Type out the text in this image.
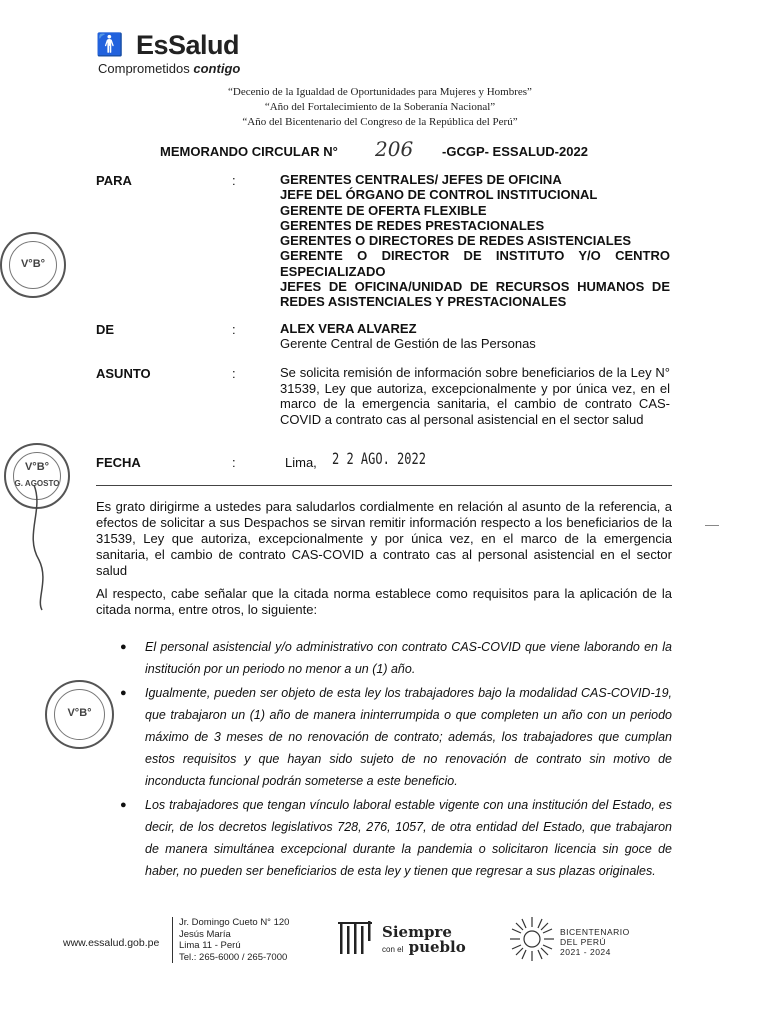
🚹 EsSalud
Comprometidos contigo
“Decenio de la Igualdad de Oportunidades para Mujeres y Hombres”
“Año del Fortalecimiento de la Soberanía Nacional”
“Año del Bicentenario del Congreso de la República del Perú”
MEMORANDO CIRCULAR N° 206 -GCGP- ESSALUD-2022
PARA	:	GERENTES CENTRALES/ JEFES DE OFICINA
JEFE DEL ÓRGANO DE CONTROL INSTITUCIONAL
GERENTE DE OFERTA FLEXIBLE
GERENTES DE REDES PRESTACIONALES
GERENTES O DIRECTORES DE REDES ASISTENCIALES
GERENTE O DIRECTOR DE INSTITUTO Y/O CENTRO ESPECIALIZADO
JEFES DE OFICINA/UNIDAD DE RECURSOS HUMANOS DE REDES ASISTENCIALES Y PRESTACIONALES
DE	:	ALEX VERA ALVAREZ
Gerente Central de Gestión de las Personas
ASUNTO	:	Se solicita remisión de información sobre beneficiarios de la Ley N° 31539, Ley que autoriza, excepcionalmente y por única vez, en el marco de la emergencia sanitaria, el cambio de contrato CAS-COVID a contrato cas al personal asistencial en el sector salud
FECHA	:	Lima, 2 2 AGO. 2022
Es grato dirigirme a ustedes para saludarlos cordialmente en relación al asunto de la referencia, a efectos de solicitar a sus Despachos se sirvan remitir información respecto a los beneficiarios de la 31539, Ley que autoriza, excepcionalmente y por única vez, en el marco de la emergencia sanitaria, el cambio de contrato CAS-COVID a contrato cas al personal asistencial en el sector salud
Al respecto, cabe señalar que la citada norma establece como requisitos para la aplicación de la citada norma, entre otros, lo siguiente:
● El personal asistencial y/o administrativo con contrato CAS-COVID que viene laborando en la institución por un periodo no menor a un (1) año.
● Igualmente, pueden ser objeto de esta ley los trabajadores bajo la modalidad CAS-COVID-19, que trabajaron un (1) año de manera ininterrumpida o que completen un año con un periodo máximo de 3 meses de no renovación de contrato; además, los trabajadores que cumplan estos requisitos y que hayan sido sujeto de no renovación de contrato sin motivo de inconducta funcional podrán someterse a este beneficio.
● Los trabajadores que tengan vínculo laboral estable vigente con una institución del Estado, es decir, de los decretos legislativos 728, 276, 1057, de otra entidad del Estado, que trabajaron de manera simultánea excepcional durante la pandemia o solicitaron licencia sin goce de haber, no pueden ser beneficiarios de esta ley y tienen que regresar a sus plazas originales.
V°B°
V°B°
G. AGOSTO
V°B°
www.essalud.gob.pe
Jr. Domingo Cueto N° 120
Jesús María
Lima 11 - Perú
Tel.: 265-6000 / 265-7000
Siempre
con el pueblo
BICENTENARIO
DEL PERÚ
2021 - 2024
